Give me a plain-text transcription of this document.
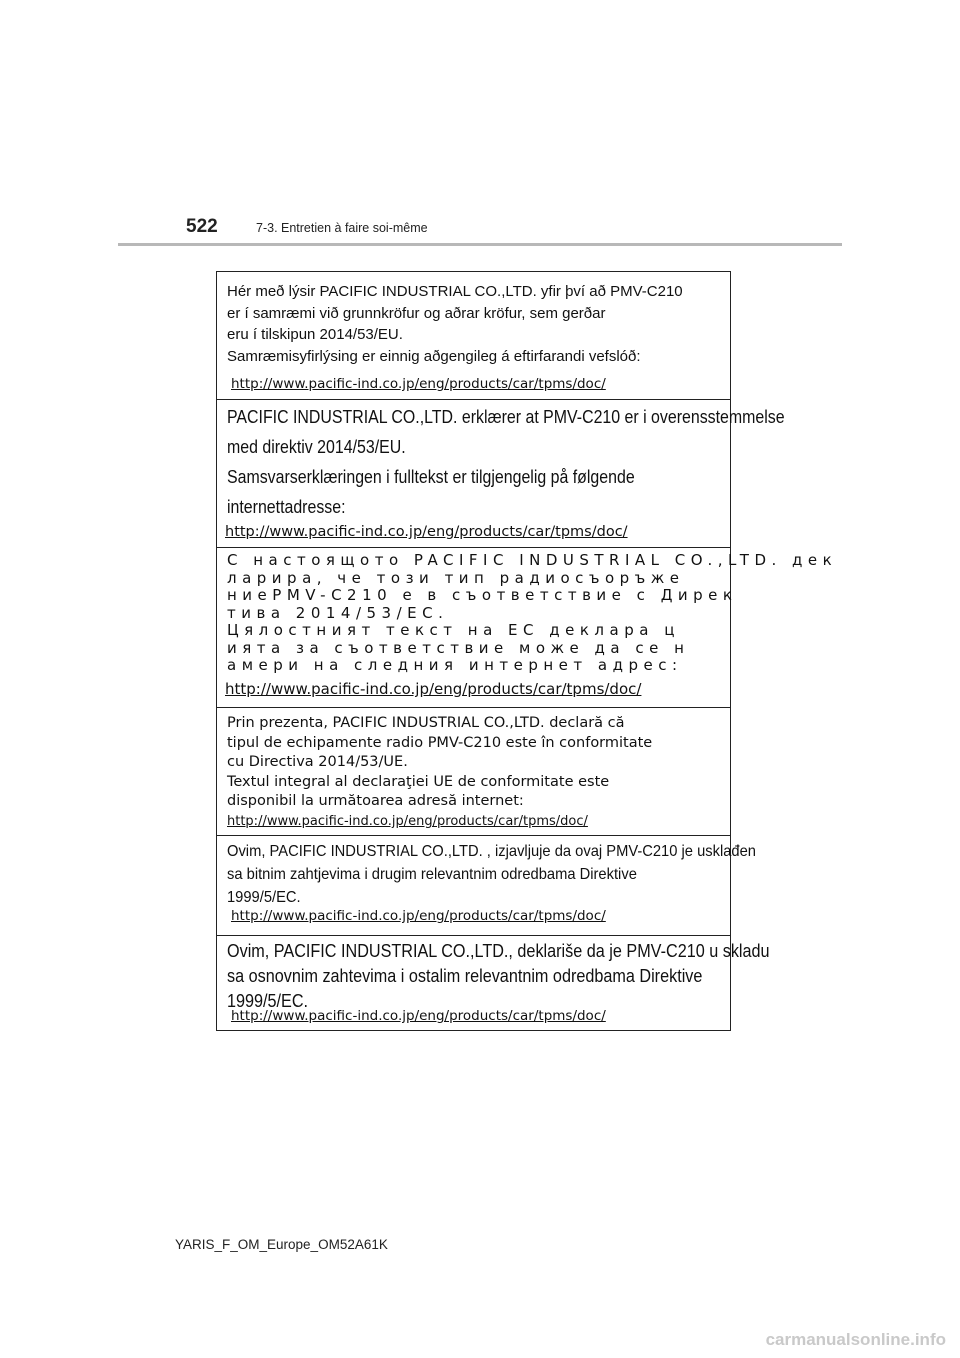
522	7-3. Entretien à faire soi-même
Hér með lýsir PACIFIC INDUSTRIAL CO.,LTD. yfir því að PMV-C210
er í samræmi við grunnkröfur og aðrar kröfur, sem gerðar
eru í tilskipun 2014/53/EU.
Samræmisyfirlýsing er einnig aðgengileg á eftirfarandi vefslóð:
http://www.pacific-ind.co.jp/eng/products/car/tpms/doc/
PACIFIC INDUSTRIAL CO.,LTD. erklærer at PMV-C210 er i overensstemmelse
med direktiv 2014/53/EU.
Samsvarserklæringen i fulltekst er tilgjengelig på følgende
internettadresse:
http://www.pacific-ind.co.jp/eng/products/car/tpms/doc/
С настоящото PACIFIC INDUSTRIAL CO.,LTD. дек
ларира, че този тип радиосъоръже
ниеPMV-C210 е в съответствие с Дирек
тива 2014/53/ЕС.
Цялостният текст на ЕС деклара ц
ията за съответствие може да се н
амери на следния интернет адрес:
http://www.pacific-ind.co.jp/eng/products/car/tpms/doc/
Prin prezenta, PACIFIC INDUSTRIAL CO.,LTD. declară că
tipul de echipamente radio PMV-C210 este în conformitate
cu Directiva 2014/53/UE.
Textul integral al declaraţiei UE de conformitate este
disponibil la următoarea adresă internet:
http://www.pacific-ind.co.jp/eng/products/car/tpms/doc/
Ovim, PACIFIC INDUSTRIAL CO.,LTD. , izjavljuje da ovaj PMV-C210 je usklađen
sa bitnim zahtjevima i drugim relevantnim odredbama Direktive
1999/5/EC.
http://www.pacific-ind.co.jp/eng/products/car/tpms/doc/
Ovim, PACIFIC INDUSTRIAL CO.,LTD., deklariše da je PMV-C210 u skladu
sa osnovnim zahtevima i ostalim relevantnim odredbama Direktive
1999/5/EC.
http://www.pacific-ind.co.jp/eng/products/car/tpms/doc/
YARIS_F_OM_Europe_OM52A61K
carmanualsonline.info
